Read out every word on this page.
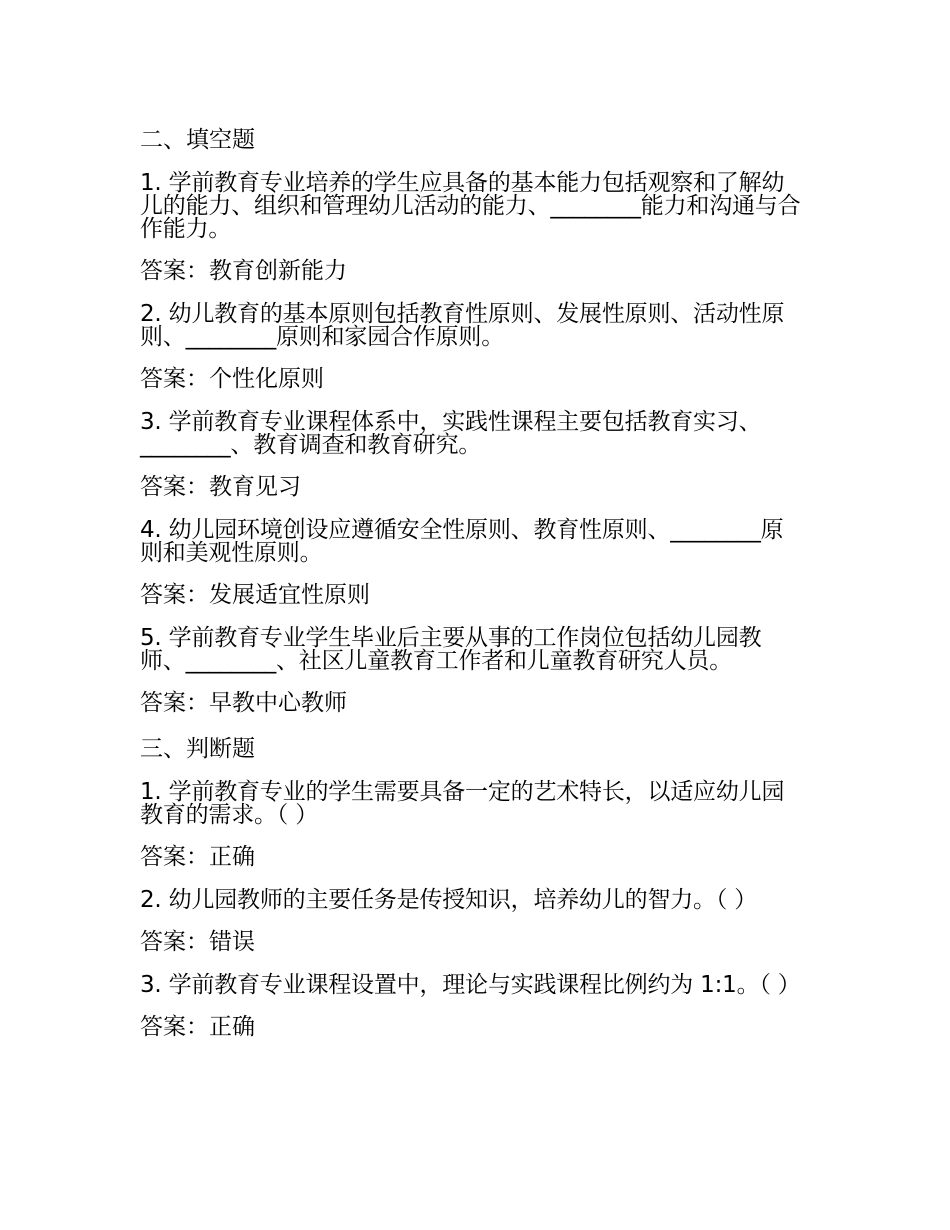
二、填空题
1. 学前教育专业培养的学生应具备的基本能力包括观察和了解幼儿的能力、组织和管理幼儿活动的能力、________能力和沟通与合作能力。
答案：教育创新能力
2. 幼儿教育的基本原则包括教育性原则、发展性原则、活动性原则、________原则和家园合作原则。
答案：个性化原则
3. 学前教育专业课程体系中，实践性课程主要包括教育实习、________、教育调查和教育研究。
答案：教育见习
4. 幼儿园环境创设应遵循安全性原则、教育性原则、________原则和美观性原则。
答案：发展适宜性原则
5. 学前教育专业学生毕业后主要从事的工作岗位包括幼儿园教师、________、社区儿童教育工作者和儿童教育研究人员。
答案：早教中心教师
三、判断题
1. 学前教育专业的学生需要具备一定的艺术特长，以适应幼儿园教育的需求。（ ）
答案：正确
2. 幼儿园教师的主要任务是传授知识，培养幼儿的智力。（ ）
答案：错误
3. 学前教育专业课程设置中，理论与实践课程比例约为 1:1。（ ）
答案：正确
